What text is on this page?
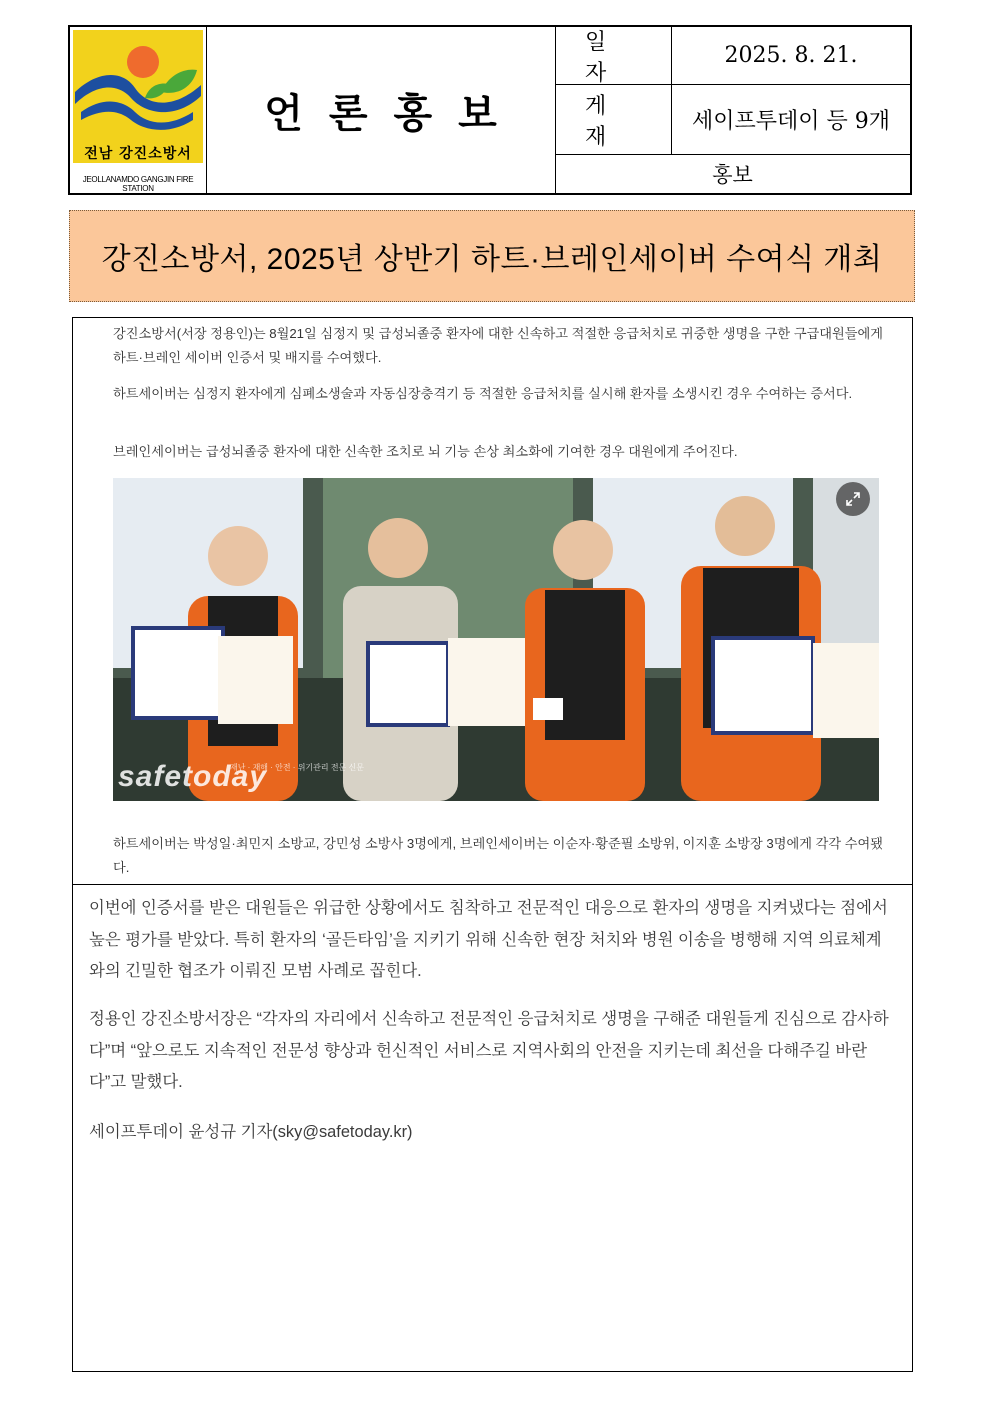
전남 강진소방서
JEOLLANAMDO GANGJIN FIRE STATION
언론홍보
일자
2025. 8. 21.
게재
세이프투데이 등 9개
홍보
강진소방서, 2025년 상반기 하트·브레인세이버 수여식 개최
강진소방서(서장 정용인)는 8월21일 심정지 및 급성뇌졸중 환자에 대한 신속하고 적절한 응급처치로 귀중한 생명을 구한 구급대원들에게 하트·브레인 세이버 인증서 및 배지를 수여했다.
하트세이버는 심정지 환자에게 심폐소생술과 자동심장충격기 등 적절한 응급처치를 실시해 환자를 소생시킨 경우 수여하는 증서다.
브레인세이버는 급성뇌졸중 환자에 대한 신속한 조치로 뇌 기능 손상 최소화에 기여한 경우 대원에게 주어진다.
safetoday
재난 · 재해 · 안전 · 위기관리 전문 신문
하트세이버는 박성일·최민지 소방교, 강민성 소방사 3명에게, 브레인세이버는 이순자·황준필 소방위, 이지훈 소방장 3명에게 각각 수여됐다.
이번에 인증서를 받은 대원들은 위급한 상황에서도 침착하고 전문적인 대응으로 환자의 생명을 지켜냈다는 점에서 높은 평가를 받았다. 특히 환자의 ‘골든타임’을 지키기 위해 신속한 현장 처치와 병원 이송을 병행해 지역 의료체계와의 긴밀한 협조가 이뤄진 모범 사례로 꼽힌다.
정용인 강진소방서장은 “각자의 자리에서 신속하고 전문적인 응급처치로 생명을 구해준 대원들게 진심으로 감사하다”며 “앞으로도 지속적인 전문성 향상과 헌신적인 서비스로 지역사회의 안전을 지키는데 최선을 다해주길 바란다”고 말했다.
세이프투데이 윤성규 기자(sky@safetoday.kr)
